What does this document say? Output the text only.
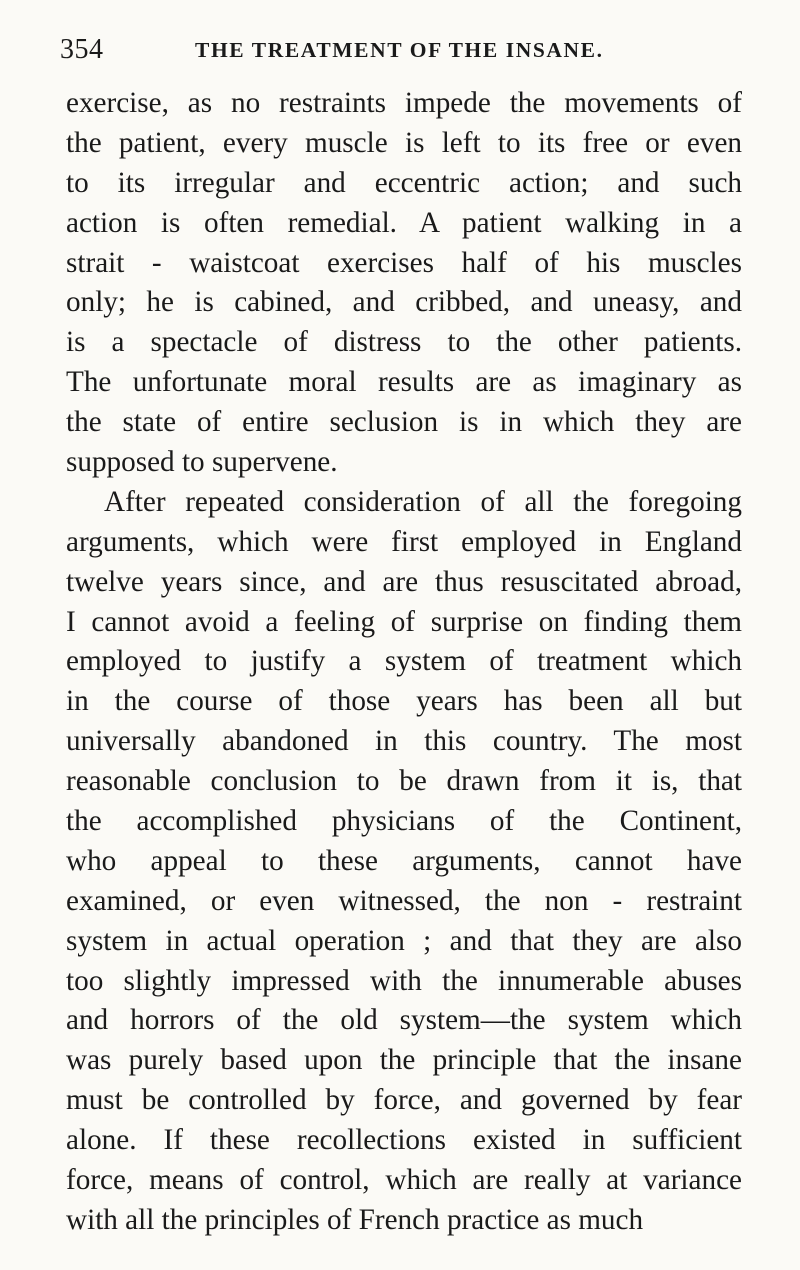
354	THE TREATMENT OF THE INSANE.
exercise, as no restraints impede the movements of
the patient, every muscle is left to its free or even
to its irregular and eccentric action; and such
action is often remedial. A patient walking in a
strait - waistcoat exercises half of his muscles
only; he is cabined, and cribbed, and uneasy, and
is a spectacle of distress to the other patients.
The unfortunate moral results are as imaginary as
the state of entire seclusion is in which they are
supposed to supervene.
After repeated consideration of all the foregoing
arguments, which were first employed in England
twelve years since, and are thus resuscitated abroad,
I cannot avoid a feeling of surprise on finding them
employed to justify a system of treatment which
in the course of those years has been all but
universally abandoned in this country. The most
reasonable conclusion to be drawn from it is, that
the accomplished physicians of the Continent,
who appeal to these arguments, cannot have
examined, or even witnessed, the non - restraint
system in actual operation ; and that they are also
too slightly impressed with the innumerable abuses
and horrors of the old system—the system which
was purely based upon the principle that the insane
must be controlled by force, and governed by fear
alone. If these recollections existed in sufficient
force, means of control, which are really at variance
with all the principles of French practice as much
